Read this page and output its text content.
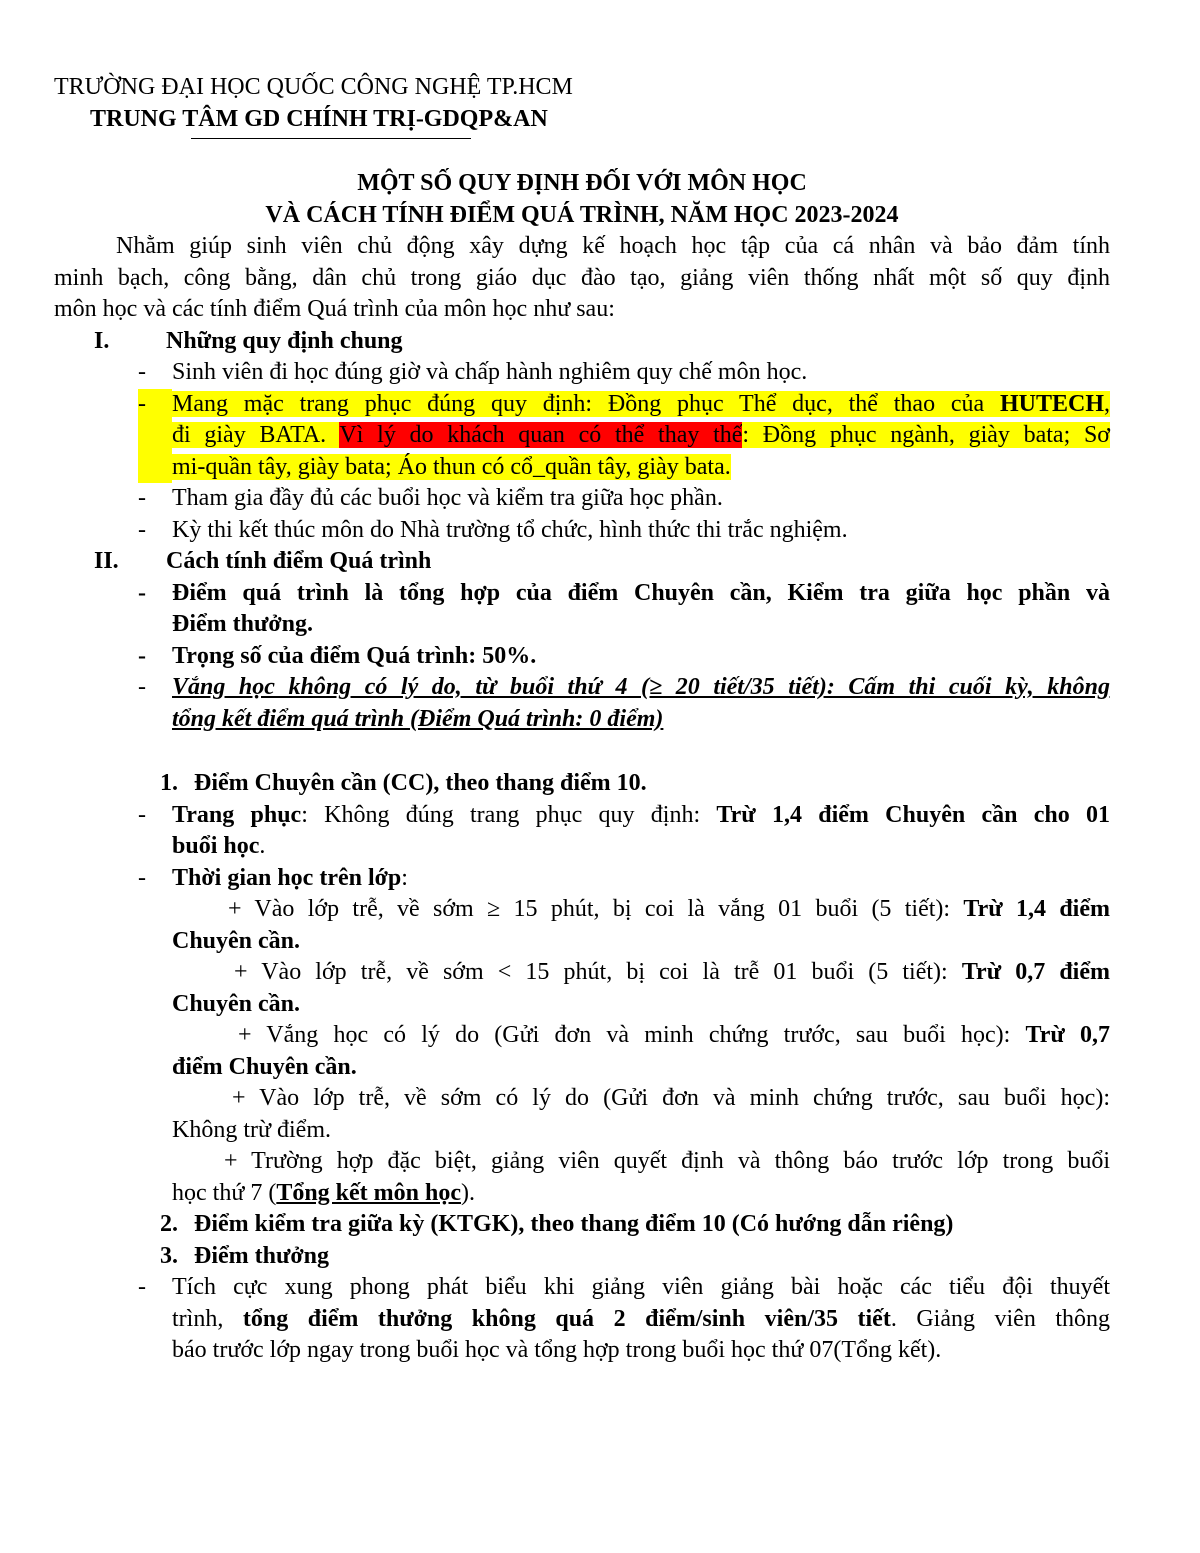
TRƯỜNG ĐẠI HỌC QUỐC CÔNG NGHỆ TP.HCM
TRUNG TÂM GD CHÍNH TRỊ-GDQP&AN
MỘT SỐ QUY ĐỊNH ĐỐI VỚI MÔN HỌC
VÀ CÁCH TÍNH ĐIỂM QUÁ TRÌNH, NĂM HỌC 2023-2024
Nhằm giúp sinh viên chủ động xây dựng kế hoạch học tập của cá nhân và bảo đảm tính
minh bạch, công bằng, dân chủ trong giáo dục đào tạo, giảng viên thống nhất một số quy định
môn học và các tính điểm Quá trình của môn học như sau:
I.	Những quy định chung
-	Sinh viên đi học đúng giờ và chấp hành nghiêm quy chế môn học.
-	Mang mặc trang phục đúng quy định: Đồng phục Thể dục, thể thao của HUTECH,
đi giày BATA. Vì lý do khách quan có thể thay thế: Đồng phục ngành, giày bata; Sơ
mi-quần tây, giày bata; Áo thun có cổ_quần tây, giày bata.
-	Tham gia đầy đủ các buổi học và kiểm tra giữa học phần.
-	Kỳ thi kết thúc môn do Nhà trường tổ chức, hình thức thi trắc nghiệm.
II.	Cách tính điểm Quá trình
-	Điểm quá trình là tổng hợp của điểm Chuyên cần, Kiểm tra giữa học phần và
Điểm thưởng.
-	Trọng số của điểm Quá trình: 50%.
-	Vắng học không có lý do, từ buổi thứ 4 (≥ 20 tiết/35 tiết): Cấm thi cuối kỳ, không
tổng kết điểm quá trình (Điểm Quá trình: 0 điểm)
1. Điểm Chuyên cần (CC), theo thang điểm 10.
-	Trang phục: Không đúng trang phục quy định: Trừ 1,4 điểm Chuyên cần cho 01
buổi học.
-	Thời gian học trên lớp:
+ Vào lớp trễ, về sớm ≥ 15 phút, bị coi là vắng 01 buổi (5 tiết): Trừ 1,4 điểm
Chuyên cần.
+ Vào lớp trễ, về sớm < 15 phút, bị coi là trễ 01 buổi (5 tiết): Trừ 0,7 điểm
Chuyên cần.
+ Vắng học có lý do (Gửi đơn và minh chứng trước, sau buổi học): Trừ 0,7
điểm Chuyên cần.
+ Vào lớp trễ, về sớm có lý do (Gửi đơn và minh chứng trước, sau buổi học):
Không trừ điểm.
+ Trường hợp đặc biệt, giảng viên quyết định và thông báo trước lớp trong buổi
học thứ 7 (Tổng kết môn học).
2. Điểm kiểm tra giữa kỳ (KTGK), theo thang điểm 10 (Có hướng dẫn riêng)
3. Điểm thưởng
-	Tích cực xung phong phát biểu khi giảng viên giảng bài hoặc các tiểu đội thuyết
trình, tổng điểm thưởng không quá 2 điểm/sinh viên/35 tiết. Giảng viên thông
báo trước lớp ngay trong buổi học và tổng hợp trong buổi học thứ 07(Tổng kết).
